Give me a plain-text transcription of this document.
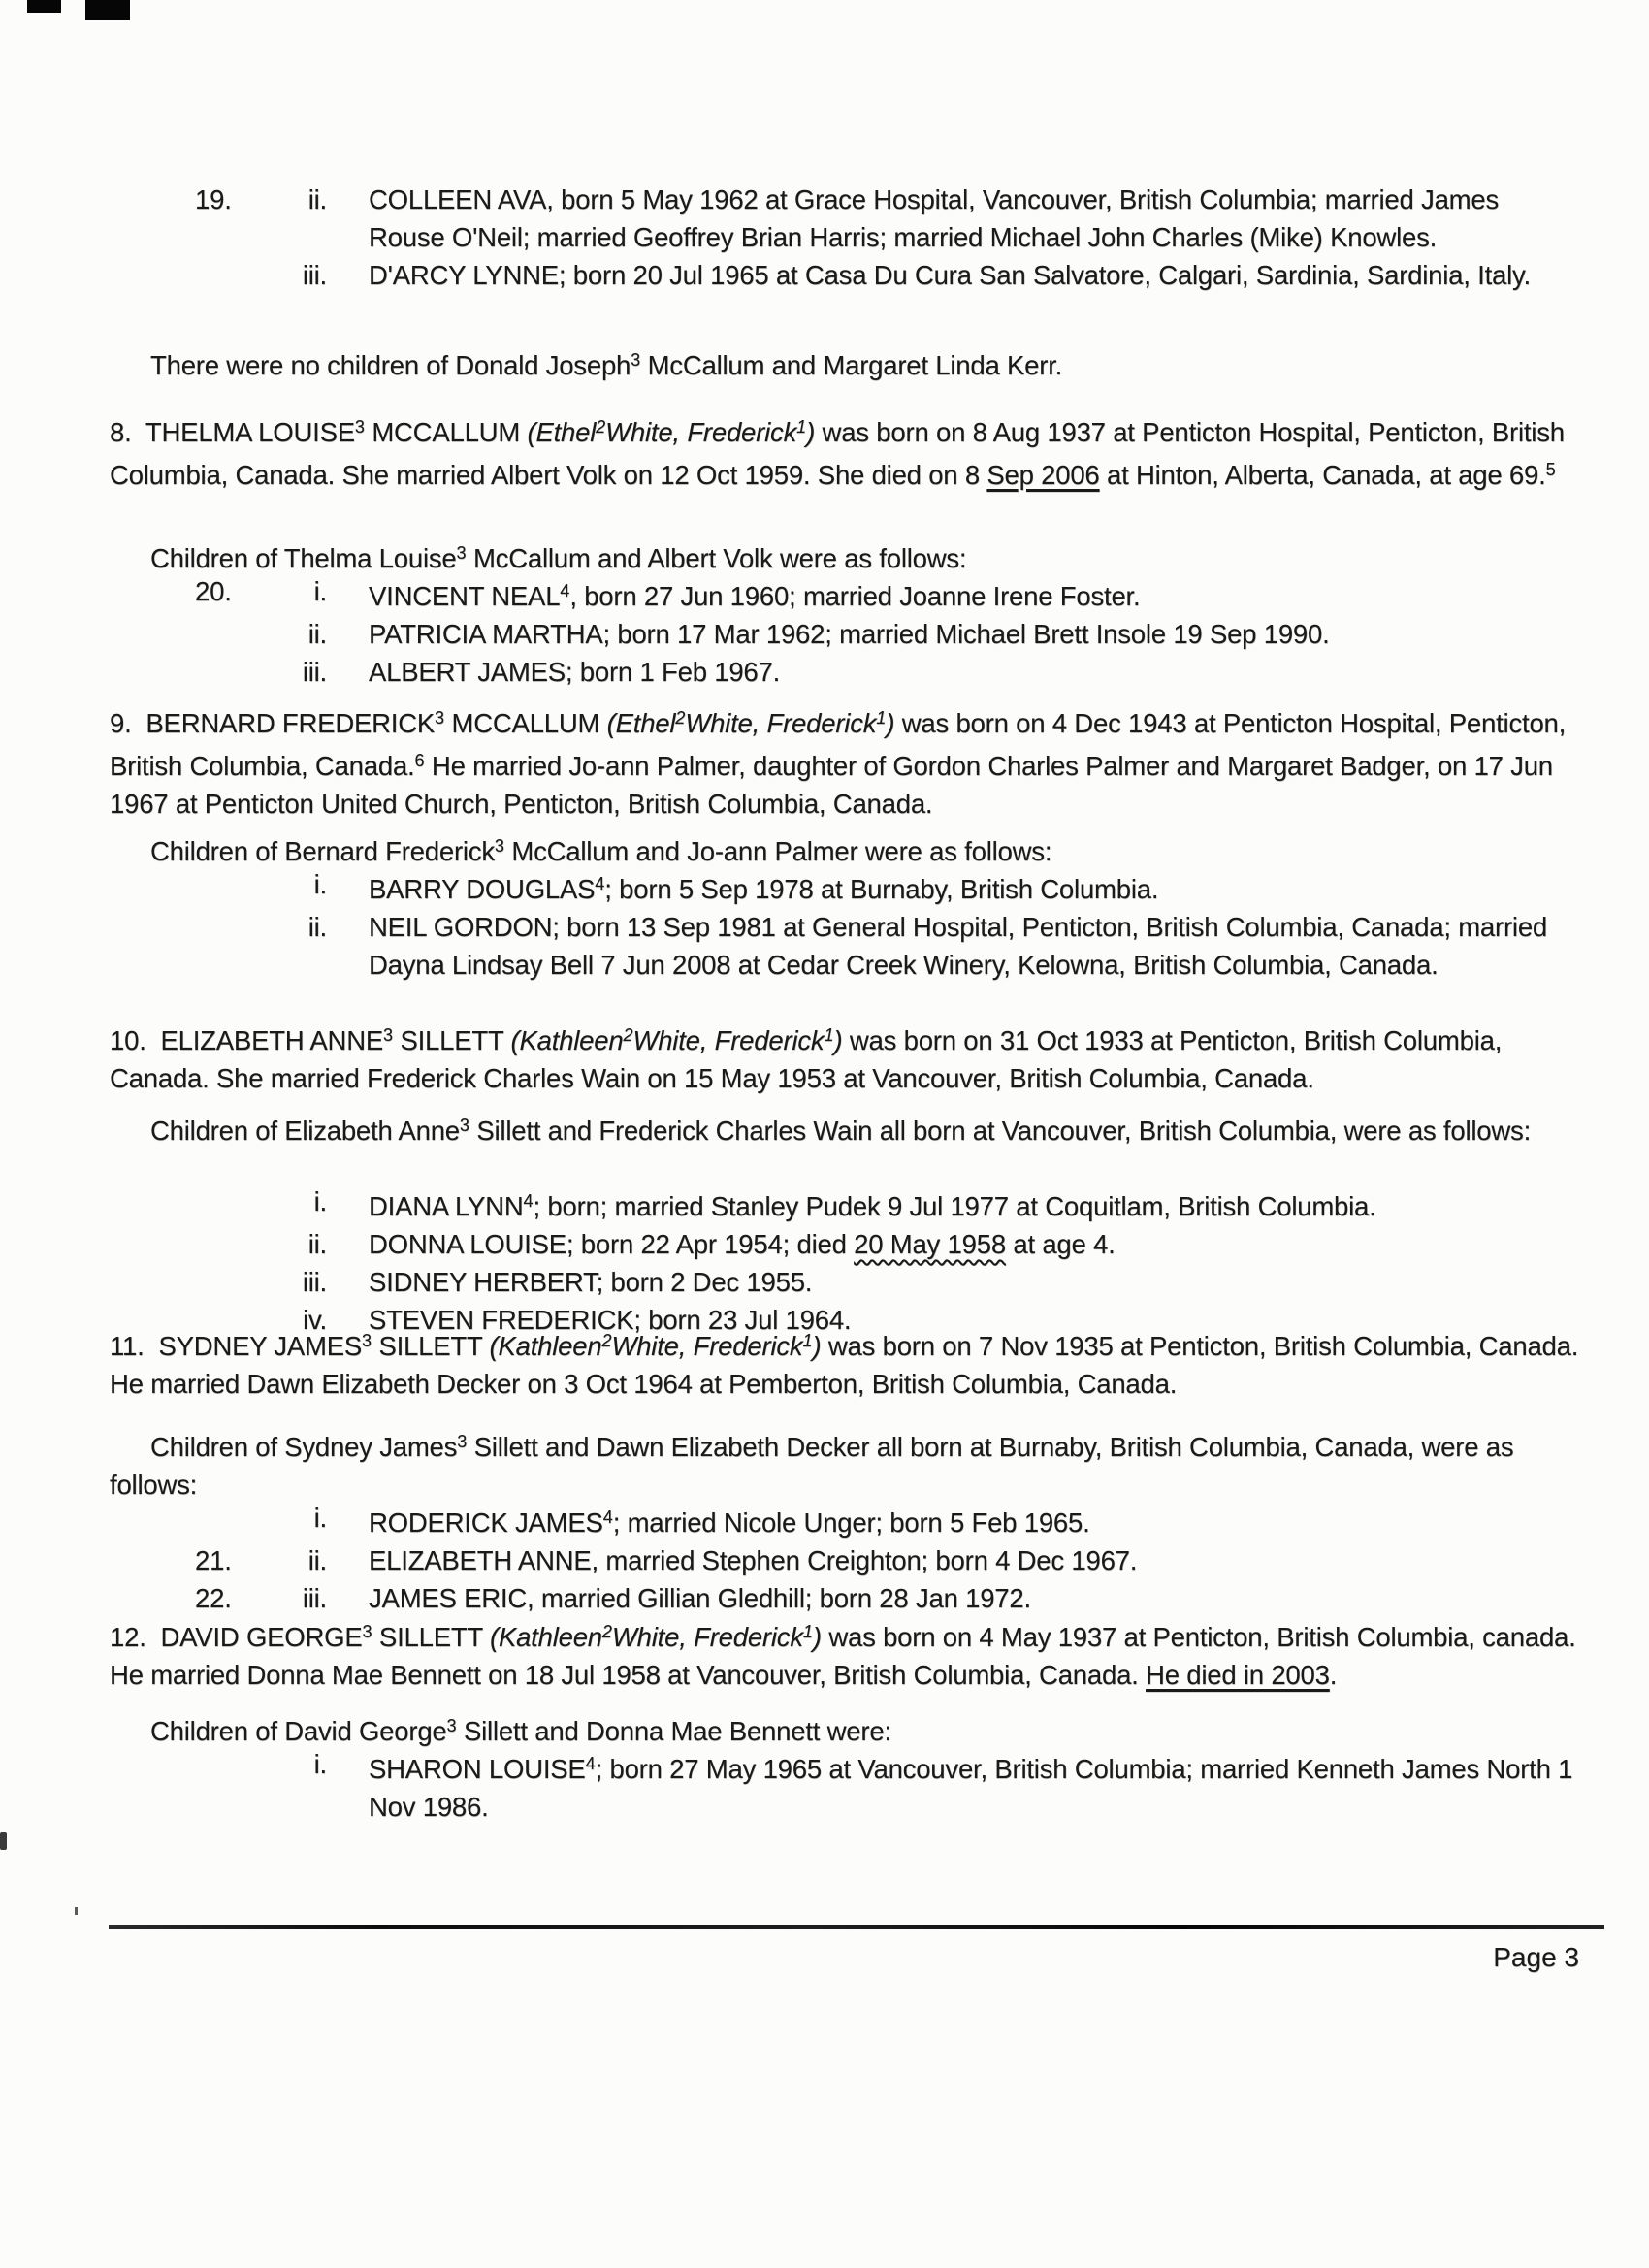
19.	ii. COLLEEN AVA, born 5 May 1962 at Grace Hospital, Vancouver, British Columbia; married James Rouse O'Neil; married Geoffrey Brian Harris; married Michael John Charles (Mike) Knowles.
iii. D'ARCY LYNNE; born 20 Jul 1965 at Casa Du Cura San Salvatore, Calgari, Sardinia, Sardinia, Italy.
There were no children of Donald Joseph$^3$ McCallum and Margaret Linda Kerr.
8.  THELMA LOUISE$^3$ MCCALLUM (Ethel$^2$White, Frederick$^1$) was born on 8 Aug 1937 at Penticton Hospital, Penticton, British Columbia, Canada. She married Albert Volk on 12 Oct 1959. She died on 8 Sep 2006 at Hinton, Alberta, Canada, at age 69.$^5$
Children of Thelma Louise$^3$ McCallum and Albert Volk were as follows:
20.	i. VINCENT NEAL$^4$, born 27 Jun 1960; married Joanne Irene Foster.
ii. PATRICIA MARTHA; born 17 Mar 1962; married Michael Brett Insole 19 Sep 1990.
iii. ALBERT JAMES; born 1 Feb 1967.
9.  BERNARD FREDERICK$^3$ MCCALLUM (Ethel$^2$White, Frederick$^1$) was born on 4 Dec 1943 at Penticton Hospital, Penticton, British Columbia, Canada.$^6$ He married Jo-ann Palmer, daughter of Gordon Charles Palmer and Margaret Badger, on 17 Jun 1967 at Penticton United Church, Penticton, British Columbia, Canada.
Children of Bernard Frederick$^3$ McCallum and Jo-ann Palmer were as follows:
i. BARRY DOUGLAS$^4$; born 5 Sep 1978 at Burnaby, British Columbia.
ii. NEIL GORDON; born 13 Sep 1981 at General Hospital, Penticton, British Columbia, Canada; married Dayna Lindsay Bell 7 Jun 2008 at Cedar Creek Winery, Kelowna, British Columbia, Canada.
10.  ELIZABETH ANNE$^3$ SILLETT (Kathleen$^2$White, Frederick$^1$) was born on 31 Oct 1933 at Penticton, British Columbia, Canada. She married Frederick Charles Wain on 15 May 1953 at Vancouver, British Columbia, Canada.
Children of Elizabeth Anne$^3$ Sillett and Frederick Charles Wain all born at Vancouver, British Columbia, were as follows:
i. DIANA LYNN$^4$; born; married Stanley Pudek 9 Jul 1977 at Coquitlam, British Columbia.
ii. DONNA LOUISE; born 22 Apr 1954; died 20 May 1958 at age 4.
iii. SIDNEY HERBERT; born 2 Dec 1955.
iv. STEVEN FREDERICK; born 23 Jul 1964.
11.  SYDNEY JAMES$^3$ SILLETT (Kathleen$^2$White, Frederick$^1$) was born on 7 Nov 1935 at Penticton, British Columbia, Canada. He married Dawn Elizabeth Decker on 3 Oct 1964 at Pemberton, British Columbia, Canada.
Children of Sydney James$^3$ Sillett and Dawn Elizabeth Decker all born at Burnaby, British Columbia, Canada, were as follows:
i. RODERICK JAMES$^4$; married Nicole Unger; born 5 Feb 1965.
21.	ii. ELIZABETH ANNE, married Stephen Creighton; born 4 Dec 1967.
22.	iii. JAMES ERIC, married Gillian Gledhill; born 28 Jan 1972.
12.  DAVID GEORGE$^3$ SILLETT (Kathleen$^2$White, Frederick$^1$) was born on 4 May 1937 at Penticton, British Columbia, canada. He married Donna Mae Bennett on 18 Jul 1958 at Vancouver, British Columbia, Canada. He died in 2003.
Children of David George$^3$ Sillett and Donna Mae Bennett were:
i. SHARON LOUISE$^4$; born 27 May 1965 at Vancouver, British Columbia; married Kenneth James North 1 Nov 1986.
Page 3
